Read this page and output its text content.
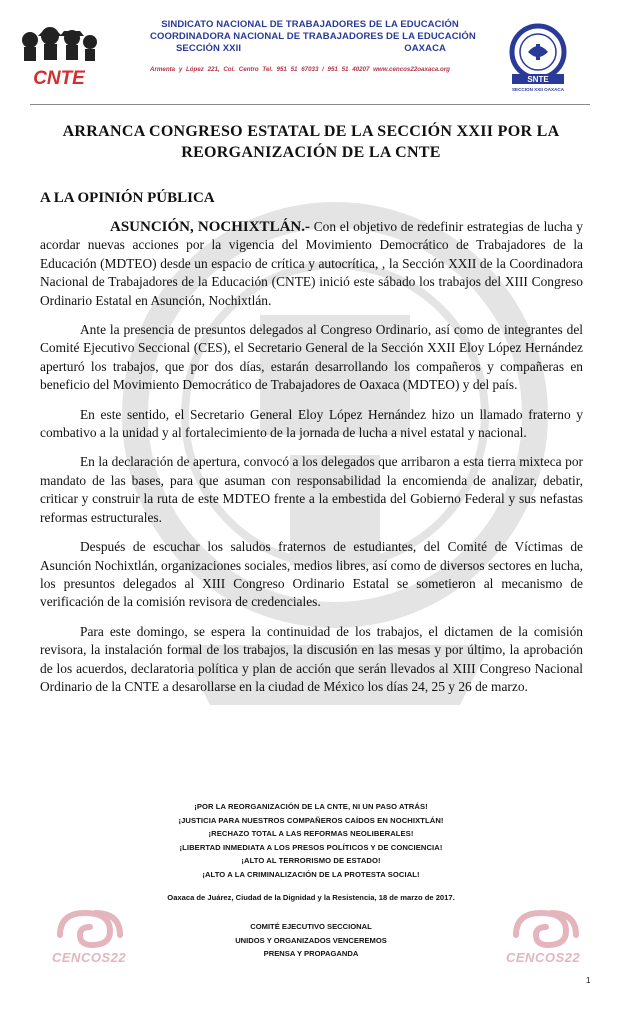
CNTE
SINDICATO NACIONAL DE TRABAJADORES DE LA EDUCACIÓN
COORDINADORA NACIONAL DE TRABAJADORES DE LA EDUCACIÓN
SECCIÓN XXII	OAXACA
Armenta y López 221, Col. Centro Tel. 951 51 67033 / 951 51 40207 www.cencos22oaxaca.org
SNTE
SECCION XXII OAXACA
ARRANCA CONGRESO ESTATAL DE LA SECCIÓN XXII POR LA REORGANIZACIÓN DE LA CNTE
A LA OPINIÓN PÚBLICA

ASUNCIÓN, NOCHIXTLÁN.- Con el objetivo de redefinir estrategias de lucha y acordar nuevas acciones por la vigencia del Movimiento Democrático de Trabajadores de la Educación (MDTEO) desde un espacio de crítica y autocrítica, , la Sección XXII de la Coordinadora Nacional de Trabajadores de la Educación (CNTE) inició este sábado los trabajos del XIII Congreso Ordinario Estatal en Asunción, Nochixtlán.

Ante la presencia de presuntos delegados al Congreso Ordinario, así como de integrantes del Comité Ejecutivo Seccional (CES), el Secretario General de la Sección XXII Eloy López Hernández aperturó los trabajos, que por dos días, estarán desarrollando los compañeros y compañeras en beneficio del Movimiento Democrático de Trabajadores de Oaxaca (MDTEO) y del país.

En este sentido, el Secretario General Eloy López Hernández hizo un llamado fraterno y combativo a la unidad y al fortalecimiento de la jornada de lucha a nivel estatal y nacional.

En la declaración de apertura, convocó a los delegados que arribaron a esta tierra mixteca por mandato de las bases, para que asuman con responsabilidad la encomienda de analizar, debatir, criticar y construir la ruta de este MDTEO frente a la embestida del Gobierno Federal y sus nefastas reformas estructurales.

Después de escuchar los saludos fraternos de estudiantes, del Comité de Víctimas de Asunción Nochixtlán, organizaciones sociales, medios libres, así como de diversos sectores en lucha, los presuntos delegados al XIII Congreso Ordinario Estatal se sometieron al mecanismo de verificación de la comisión revisora de credenciales.

Para este domingo, se espera la continuidad de los trabajos, el dictamen de la comisión revisora, la instalación formal de los trabajos, la discusión en las mesas y por último, la aprobación de los acuerdos, declaratoria política y plan de acción que serán llevados al XIII Congreso Nacional Ordinario de la CNTE a desarollarse en la ciudad de México los días 24, 25 y 26 de marzo.

¡POR LA REORGANIZACIÓN DE LA CNTE, NI UN PASO ATRÁS!
¡JUSTICIA PARA NUESTROS COMPAÑEROS CAÍDOS EN NOCHIXTLÁN!
¡RECHAZO TOTAL A LAS REFORMAS NEOLIBERALES!
¡LIBERTAD INMEDIATA A LOS PRESOS POLÍTICOS Y DE CONCIENCIA!
¡ALTO AL TERRORISMO DE ESTADO!
¡ALTO A LA CRIMINALIZACIÓN DE LA PROTESTA SOCIAL!
Oaxaca de Juárez, Ciudad de la Dignidad y la Resistencia, 18 de marzo de 2017.
COMITÉ EJECUTIVO SECCIONAL
UNIDOS Y ORGANIZADOS VENCEREMOS
PRENSA Y PROPAGANDA
CENCOS22	CENCOS22
1
